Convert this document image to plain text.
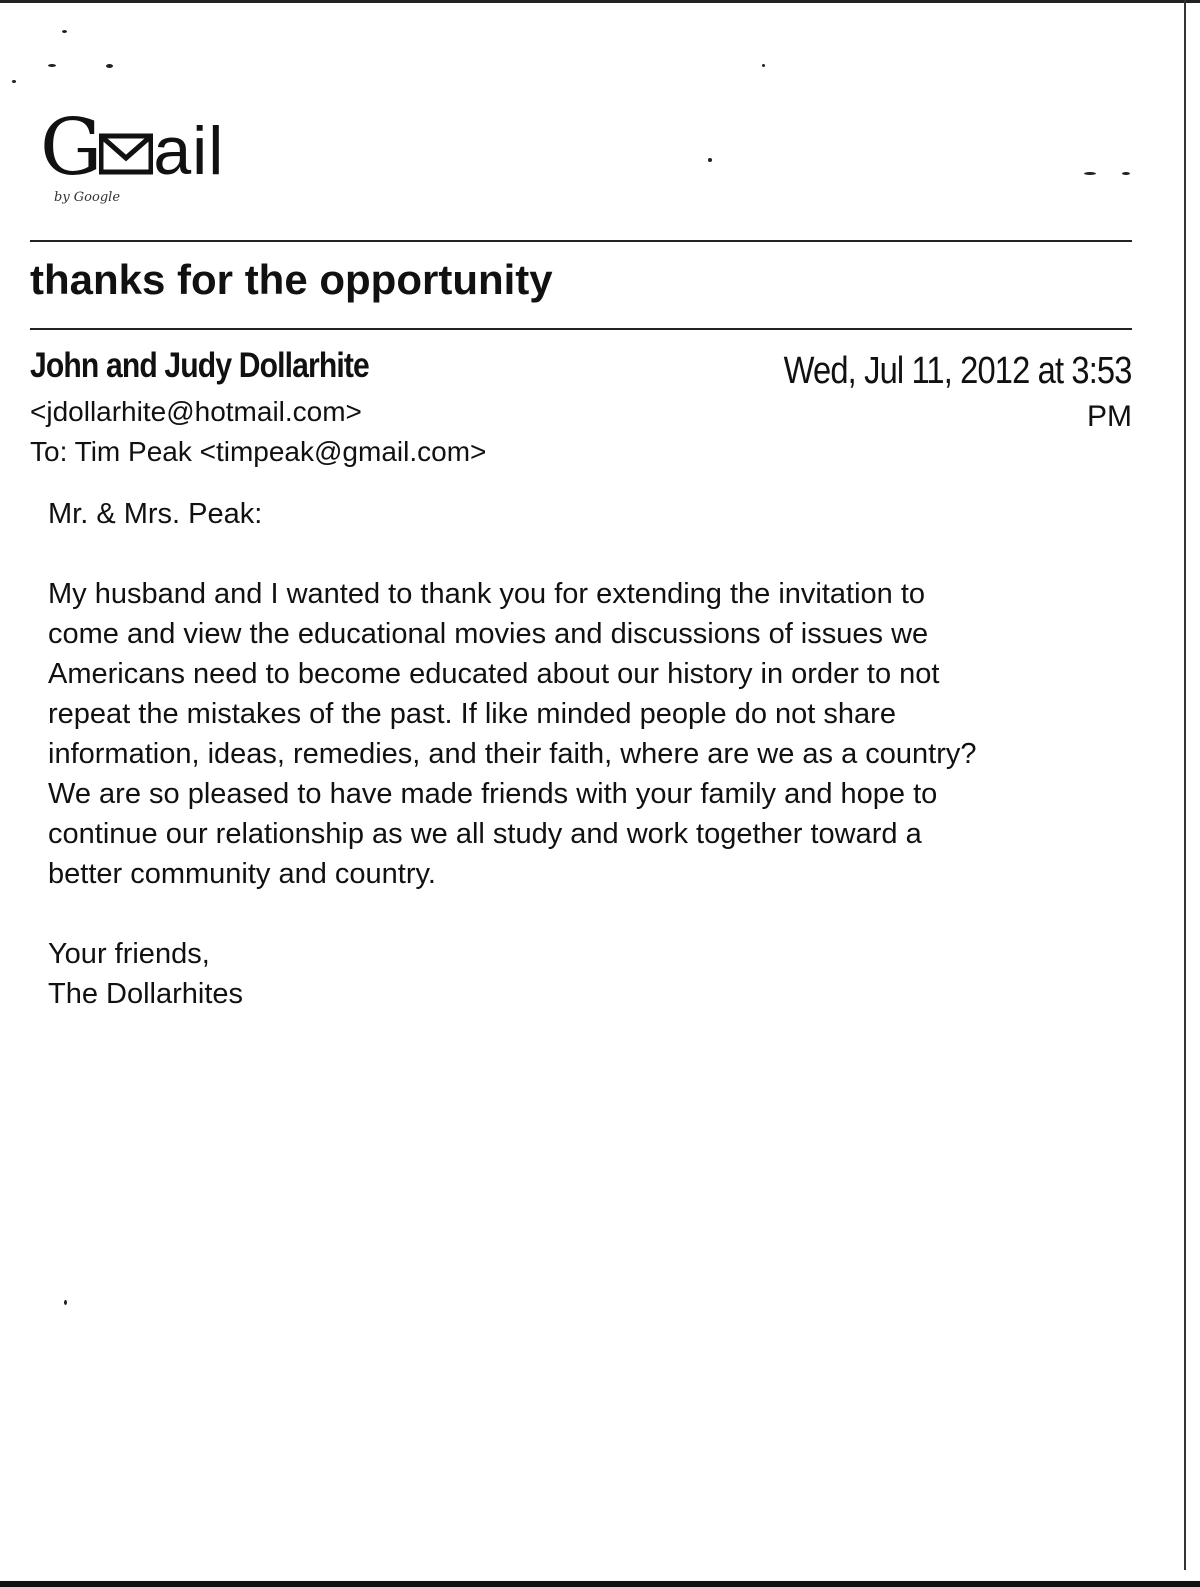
G ail
by Google
thanks for the opportunity
John and Judy Dollarhite
<jdollarhite@hotmail.com>
To: Tim Peak <timpeak@gmail.com>
Wed, Jul 11, 2012 at 3:53
PM

Mr. & Mrs. Peak:

My husband and I wanted to thank you for extending the invitation to

come and view the educational movies and discussions of issues we

Americans need to become educated about our history in order to not

repeat the mistakes of the past. If like minded people do not share

information, ideas, remedies, and their faith, where are we as a country?

We are so pleased to have made friends with your family and hope to

continue our relationship as we all study and work together toward a

better community and country.

Your friends,

The Dollarhites
